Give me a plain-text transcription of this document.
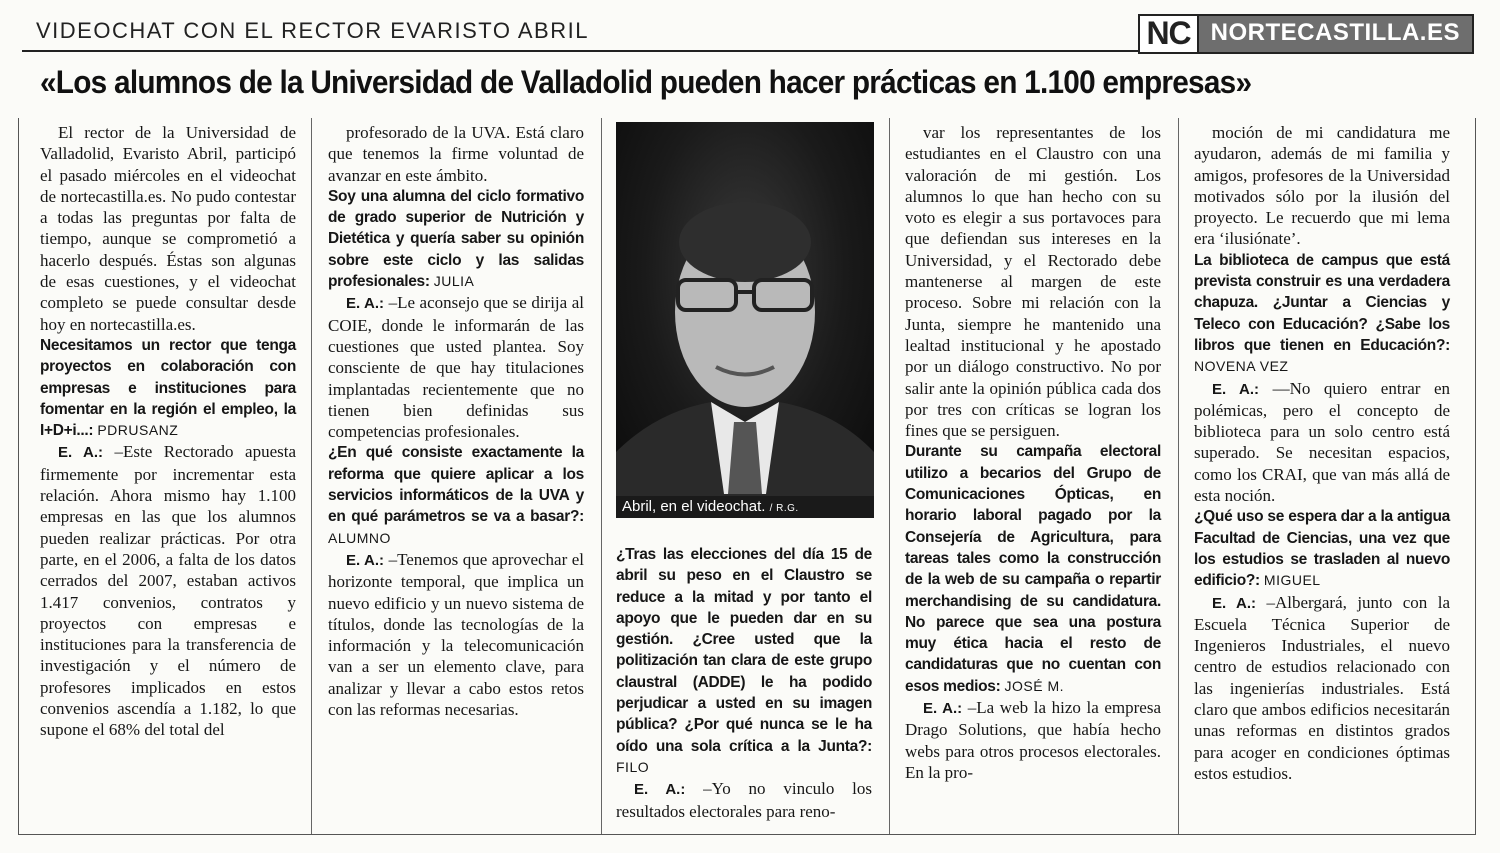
VIDEOCHAT CON EL RECTOR EVARISTO ABRIL	NC NORTECASTILLA.ES
«Los alumnos de la Universidad de Valladolid pueden hacer prácticas en 1.100 empresas»

El rector de la Universidad de Valladolid, Evaristo Abril, participó el pasado miércoles en el videochat de nortecastilla.es. No pudo contestar a todas las preguntas por falta de tiempo, aunque se comprometió a hacerlo después. Éstas son algunas de esas cuestiones, y el videochat completo se puede consultar desde hoy en nortecastilla.es.

Necesitamos un rector que tenga proyectos en colaboración con empresas e instituciones para fomentar en la región el empleo, la I+D+i...: PDRUSANZ

E. A.: –Este Rectorado apuesta firmemente por incrementar esta relación. Ahora mismo hay 1.100 empresas en las que los alumnos pueden realizar prácticas. Por otra parte, en el 2006, a falta de los datos cerrados del 2007, estaban activos 1.417 convenios, contratos y proyectos con empresas e instituciones para la transferencia de investigación y el número de profesores implicados en estos convenios ascendía a 1.182, lo que supone el 68% del total del

profesorado de la UVA. Está claro que tenemos la firme voluntad de avanzar en este ámbito.

Soy una alumna del ciclo formativo de grado superior de Nutrición y Dietética y quería saber su opinión sobre este ciclo y las salidas profesionales: JULIA

E. A.: –Le aconsejo que se dirija al COIE, donde le informarán de las cuestiones que usted plantea. Soy consciente de que hay titulaciones implantadas recientemente que no tienen bien definidas sus competencias profesionales.

¿En qué consiste exactamente la reforma que quiere aplicar a los servicios informáticos de la UVA y en qué parámetros se va a basar?: ALUMNO

E. A.: –Tenemos que aprovechar el horizonte temporal, que implica un nuevo edificio y un nuevo sistema de títulos, donde las tecnologías de la información y la telecomunicación van a ser un elemento clave, para analizar y llevar a cabo estos retos con las reformas necesarias.

Abril, en el videochat. / R.G.

¿Tras las elecciones del día 15 de abril su peso en el Claustro se reduce a la mitad y por tanto el apoyo que le pueden dar en su gestión. ¿Cree usted que la politización tan clara de este grupo claustral (ADDE) le ha podido perjudicar a usted en su imagen pública? ¿Por qué nunca se le ha oído una sola crítica a la Junta?: FILO

E. A.: –Yo no vinculo los resultados electorales para reno-

var los representantes de los estudiantes en el Claustro con una valoración de mi gestión. Los alumnos lo que han hecho con su voto es elegir a sus portavoces para que defiendan sus intereses en la Universidad, y el Rectorado debe mantenerse al margen de este proceso. Sobre mi relación con la Junta, siempre he mantenido una lealtad institucional y he apostado por un diálogo constructivo. No por salir ante la opinión pública cada dos por tres con críticas se logran los fines que se persiguen.

Durante su campaña electoral utilizo a becarios del Grupo de Comunicaciones Ópticas, en horario laboral pagado por la Consejería de Agricultura, para tareas tales como la construcción de la web de su campaña o repartir merchandising de su candidatura. No parece que sea una postura muy ética hacia el resto de candidaturas que no cuentan con esos medios: JOSÉ M.

E. A.: –La web la hizo la empresa Drago Solutions, que había hecho webs para otros procesos electorales. En la pro-

moción de mi candidatura me ayudaron, además de mi familia y amigos, profesores de la Universidad motivados sólo por la ilusión del proyecto. Le recuerdo que mi lema era ‘ilusiónate’.

La biblioteca de campus que está prevista construir es una verdadera chapuza. ¿Juntar a Ciencias y Teleco con Educación? ¿Sabe los libros que tienen en Educación?: NOVENA VEZ

E. A.: —No quiero entrar en polémicas, pero el concepto de biblioteca para un solo centro está superado. Se necesitan espacios, como los CRAI, que van más allá de esta noción.

¿Qué uso se espera dar a la antigua Facultad de Ciencias, una vez que los estudios se trasladen al nuevo edificio?: MIGUEL

E. A.: –Albergará, junto con la Escuela Técnica Superior de Ingenieros Industriales, el nuevo centro de estudios relacionado con las ingenierías industriales. Está claro que ambos edificios necesitarán unas reformas en distintos grados para acoger en condiciones óptimas estos estudios.
